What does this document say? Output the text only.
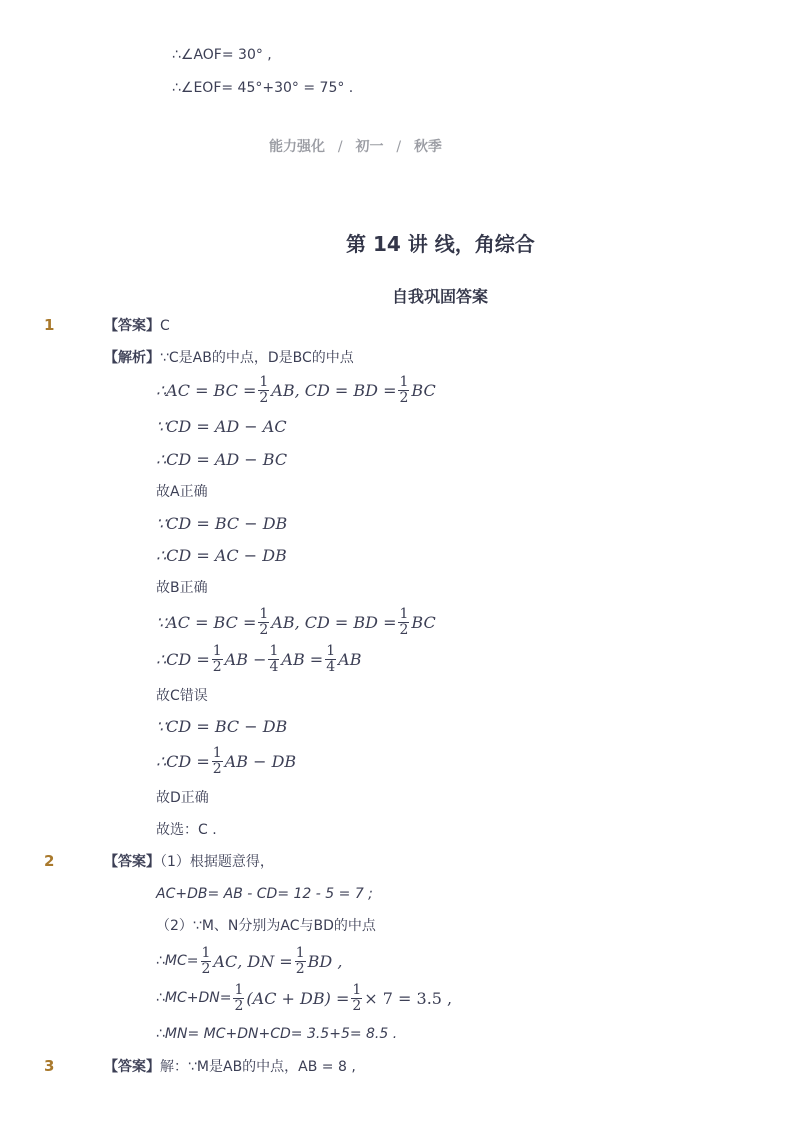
∴∠AOF= 30° ,
∴∠EOF= 45°+30° = 75° .
能力强化 / 初一 / 秋季
第 14 讲 线，角综合
自我巩固答案
1	【答案】C
【解析】∵C是AB的中点，D是BC的中点
∴AC = BC = $\frac{1}{2}$ AB , CD = BD = $\frac{1}{2}$ BC
∵CD = AD − AC
∴CD = AD − BC
故A正确
∵CD = BC − DB
∴CD = AC − DB
故B正确
∵AC = BC = $\frac{1}{2}$ AB , CD = BD = $\frac{1}{2}$ BC
∴CD = $\frac{1}{2}$ AB − $\frac{1}{4}$ AB = $\frac{1}{4}$ AB
故C错误
∵CD = BC − DB
∴CD = $\frac{1}{2}$ AB − DB
故D正确
故选：C .
2	【答案】（1）根据题意得，
AC+DB= AB - CD= 12 - 5 = 7 ;
（2）∵M、N分别为AC与BD的中点
∴MC= $\frac{1}{2}$ AC , DN = $\frac{1}{2}$ BD ,
∴MC+DN= $\frac{1}{2} (AC + DB) = \frac{1}{2} \times 7 = 3.5$ ,
∴MN= MC+DN+CD= 3.5+5= 8.5 .
3	【答案】解：∵M是AB的中点，AB = 8 ,
